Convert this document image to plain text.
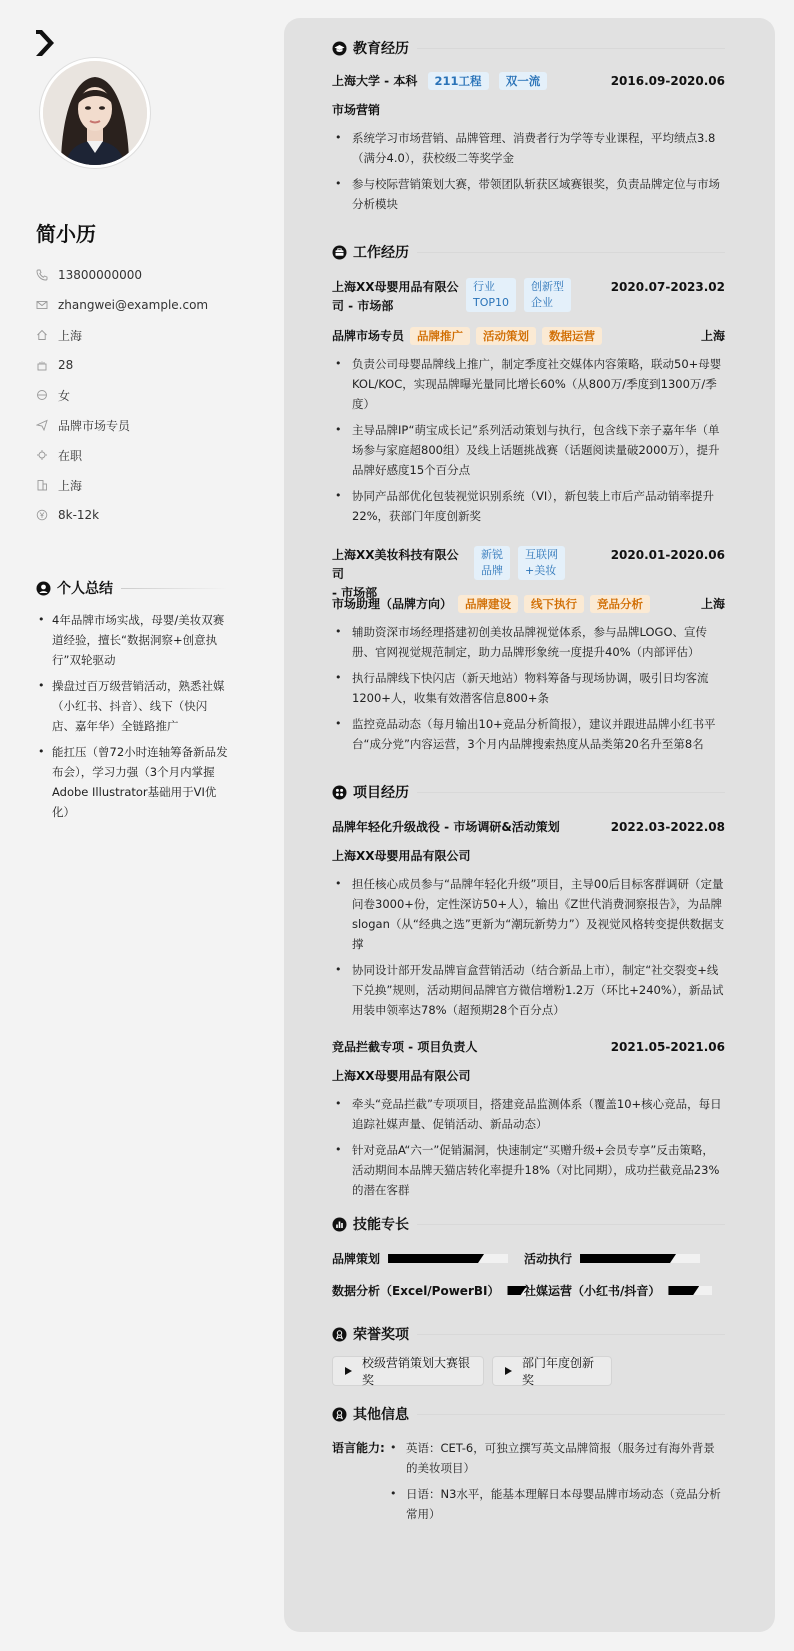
简小历
13800000000
zhangwei@example.com
上海
28
女
品牌市场专员
在职
上海
8k-12k
个人总结
• 4年品牌市场实战，母婴/美妆双赛道经验，擅长“数据洞察+创意执行”双轮驱动
• 操盘过百万级营销活动，熟悉社媒（小红书、抖音）、线下（快闪店、嘉年华）全链路推广
• 能扛压（曾72小时连轴筹备新品发布会），学习力强（3个月内掌握Adobe Illustrator基础用于VI优化）
教育经历
上海大学 - 本科 211工程 双一流	2016.09-2020.06
市场营销
• 系统学习市场营销、品牌管理、消费者行为学等专业课程，平均绩点3.8（满分4.0），获校级二等奖学金
• 参与校际营销策划大赛，带领团队斩获区域赛银奖，负责品牌定位与市场分析模块
工作经历
上海XX母婴用品有限公
司 - 市场部
行业
TOP10
创新型
企业
2020.07-2023.02
品牌市场专员	品牌推广	活动策划	数据运营	上海
• 负责公司母婴品牌线上推广，制定季度社交媒体内容策略，联动50+母婴KOL/KOC，实现品牌曝光量同比增长60%（从800万/季度到1300万/季度）
• 主导品牌IP“萌宝成长记”系列活动策划与执行，包含线下亲子嘉年华（单场参与家庭超800组）及线上话题挑战赛（话题阅读量破2000万），提升品牌好感度15个百分点
• 协同产品部优化包装视觉识别系统（VI），新包装上市后产品动销率提升22%，获部门年度创新奖
上海XX美妆科技有限公司
- 市场部
新锐
品牌
互联网
+美妆
2020.01-2020.06
市场助理（品牌方向）	品牌建设	线下执行	竞品分析	上海
• 辅助资深市场经理搭建初创美妆品牌视觉体系，参与品牌LOGO、宣传册、官网视觉规范制定，助力品牌形象统一度提升40%（内部评估）
• 执行品牌线下快闪店（新天地站）物料筹备与现场协调，吸引日均客流1200+人，收集有效潜客信息800+条
• 监控竞品动态（每月输出10+竞品分析简报），建议并跟进品牌小红书平台“成分党”内容运营，3个月内品牌搜索热度从品类第20名升至第8名
项目经历
品牌年轻化升级战役 - 市场调研&活动策划	2022.03-2022.08
上海XX母婴用品有限公司
• 担任核心成员参与“品牌年轻化升级”项目，主导00后目标客群调研（定量问卷3000+份，定性深访50+人），输出《Z世代消费洞察报告》，为品牌 slogan（从“经典之选”更新为“潮玩新势力”）及视觉风格转变提供数据支撑
• 协同设计部开发品牌盲盒营销活动（结合新品上市），制定“社交裂变+线下兑换”规则，活动期间品牌官方微信增粉1.2万（环比+240%），新品试用装申领率达78%（超预期28个百分点）
竞品拦截专项 - 项目负责人	2021.05-2021.06
上海XX母婴用品有限公司
• 牵头“竞品拦截”专项项目，搭建竞品监测体系（覆盖10+核心竞品，每日追踪社媒声量、促销活动、新品动态）
• 针对竞品A“六一”促销漏洞，快速制定“买赠升级+会员专享”反击策略，活动期间本品牌天猫店转化率提升18%（对比同期），成功拦截竞品23%的潜在客群
技能专长
品牌策划	活动执行
数据分析（Excel/PowerBI） 社媒运营（小红书/抖音）
荣誉奖项
校级营销策划大赛银奖
部门年度创新奖
其他信息
语言能力:
•	英语：CET-6，可独立撰写英文品牌简报（服务过有海外背景的美妆项目）
• 日语：N3水平，能基本理解日本母婴品牌市场动态（竞品分析常用）
